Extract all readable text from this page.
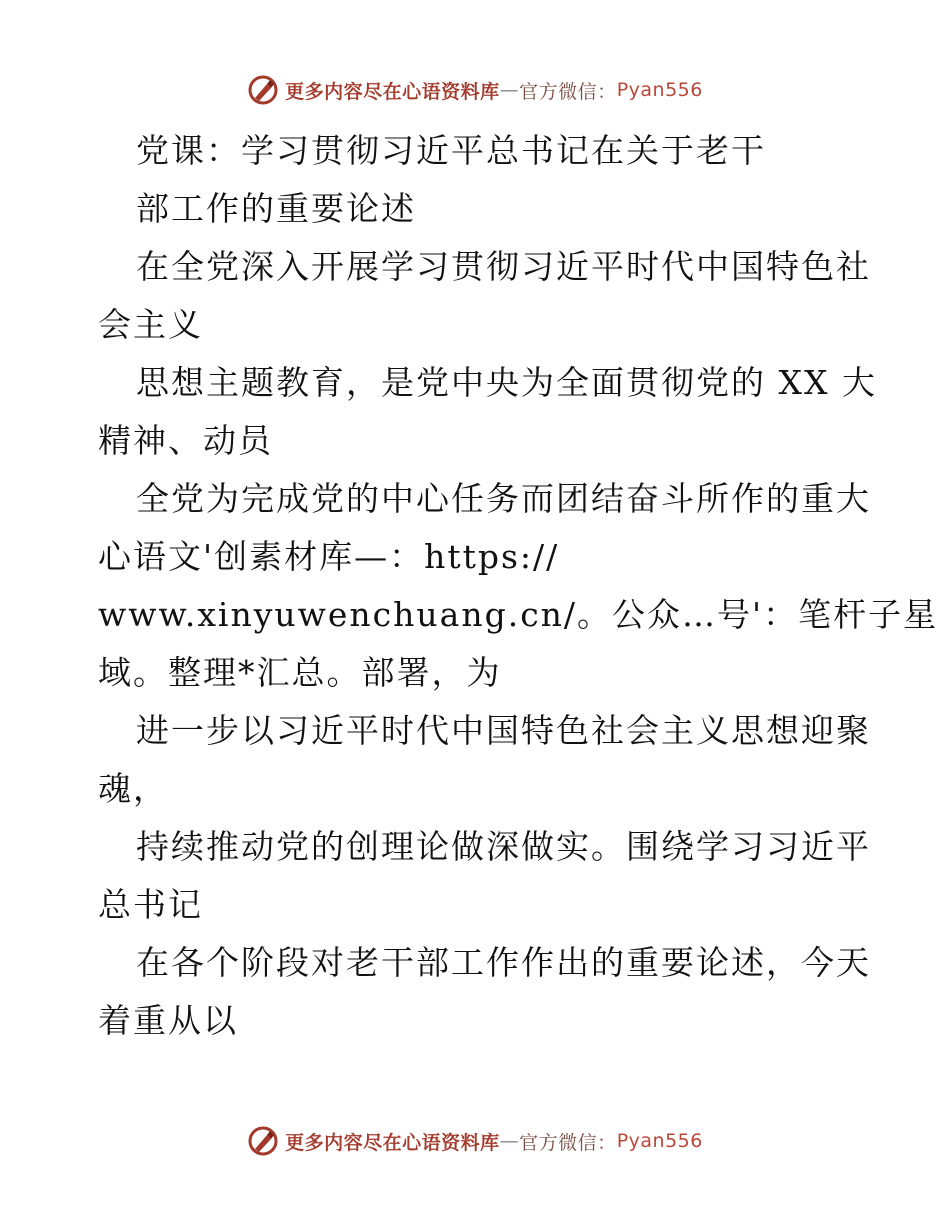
更多内容尽在心语资料库 — 官方微信： Pyan556
党课：学习贯彻习近平总书记在关于老干
部工作的重要论述
在全党深入开展学习贯彻习近平时代中国特色社
会主义
思想主题教育，是党中央为全面贯彻党的 XX 大
精神、动员
全党为完成党的中心任务而团结奋斗所作的重大
心语文'创素材库—：https://
www.xinyuwenchuang.cn/。公众…号'：笔杆子星
域。整理*汇总。部署，为
进一步以习近平时代中国特色社会主义思想迎聚
魂，
持续推动党的创理论做深做实。围绕学习习近平
总书记
在各个阶段对老干部工作作出的重要论述，今天
着重从以
更多内容尽在心语资料库 — 官方微信： Pyan556
